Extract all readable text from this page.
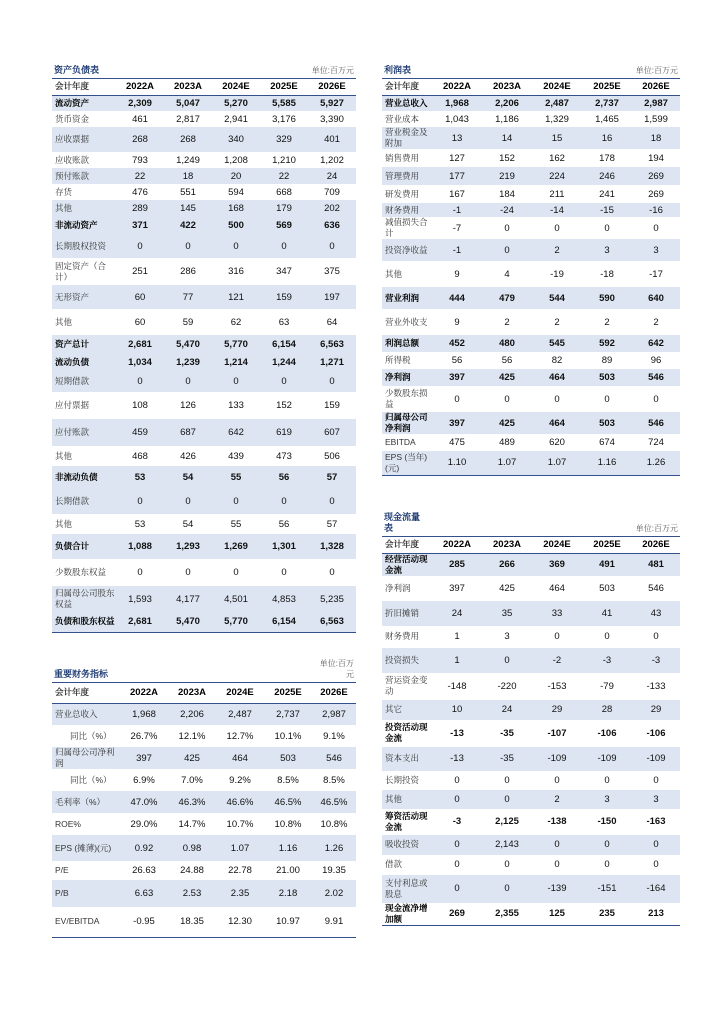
资产负债表	单位:百万元
会计年度	2022A	2023A	2024E	2025E	2026E
流动资产	2,309	5,047	5,270	5,585	5,927
货币资金	461	2,817	2,941	3,176	3,390
应收票据	268	268	340	329	401
应收账款	793	1,249	1,208	1,210	1,202
预付账款	22	18	20	22	24
存货	476	551	594	668	709
其他	289	145	168	179	202
非流动资产	371	422	500	569	636
长期股权投资	0	0	0	0	0
固定资产（合计）	251	286	316	347	375
无形资产	60	77	121	159	197
其他	60	59	62	63	64
资产总计	2,681	5,470	5,770	6,154	6,563
流动负债	1,034	1,239	1,214	1,244	1,271
短期借款	0	0	0	0	0
应付票据	108	126	133	152	159
应付账款	459	687	642	619	607
其他	468	426	439	473	506
非流动负债	53	54	55	56	57
长期借款	0	0	0	0	0
其他	53	54	55	56	57
负债合计	1,088	1,293	1,269	1,301	1,328
少数股东权益	0	0	0	0	0
归属母公司股东权益	1,593	4,177	4,501	4,853	5,235
负债和股东权益	2,681	5,470	5,770	6,154	6,563
利润表	单位:百万元
会计年度	2022A	2023A	2024E	2025E	2026E
营业总收入	1,968	2,206	2,487	2,737	2,987
营业成本	1,043	1,186	1,329	1,465	1,599
营业税金及附加	13	14	15	16	18
销售费用	127	152	162	178	194
管理费用	177	219	224	246	269
研发费用	167	184	211	241	269
财务费用	-1	-24	-14	-15	-16
减值损失合计	-7	0	0	0	0
投资净收益	-1	0	2	3	3
其他	9	4	-19	-18	-17
营业利润	444	479	544	590	640
营业外收支	9	2	2	2	2
利润总额	452	480	545	592	642
所得税	56	56	82	89	96
净利润	397	425	464	503	546
少数股东损益	0	0	0	0	0
归属母公司净利润	397	425	464	503	546
EBITDA	475	489	620	674	724
EPS (当年)(元)	1.10	1.07	1.07	1.16	1.26
现金流量表	单位:百万元
会计年度	2022A	2023A	2024E	2025E	2026E
经营活动现金流	285	266	369	491	481
净利润	397	425	464	503	546
折旧摊销	24	35	33	41	43
财务费用	1	3	0	0	0
投资损失	1	0	-2	-3	-3
营运资金变动	-148	-220	-153	-79	-133
其它	10	24	29	28	29
投资活动现金流	-13	-35	-107	-106	-106
资本支出	-13	-35	-109	-109	-109
长期投资	0	0	0	0	0
其他	0	0	2	3	3
筹资活动现金流	-3	2,125	-138	-150	-163
吸收投资	0	2,143	0	0	0
借款	0	0	0	0	0
支付利息或股息	0	0	-139	-151	-164
现金流净增加额	269	2,355	125	235	213
重要财务指标
单位:百万元
会计年度	2022A	2023A	2024E	2025E	2026E
营业总收入	1,968	2,206	2,487	2,737	2,987
同比（%）	26.7%	12.1%	12.7%	10.1%	9.1%
归属母公司净利润	397	425	464	503	546
同比（%）	6.9%	7.0%	9.2%	8.5%	8.5%
毛利率（%）	47.0%	46.3%	46.6%	46.5%	46.5%
ROE%	29.0%	14.7%	10.7%	10.8%	10.8%
EPS (摊薄)(元)	0.92	0.98	1.07	1.16	1.26
P/E	26.63	24.88	22.78	21.00	19.35
P/B	6.63	2.53	2.35	2.18	2.02
EV/EBITDA	-0.95	18.35	12.30	10.97	9.91
